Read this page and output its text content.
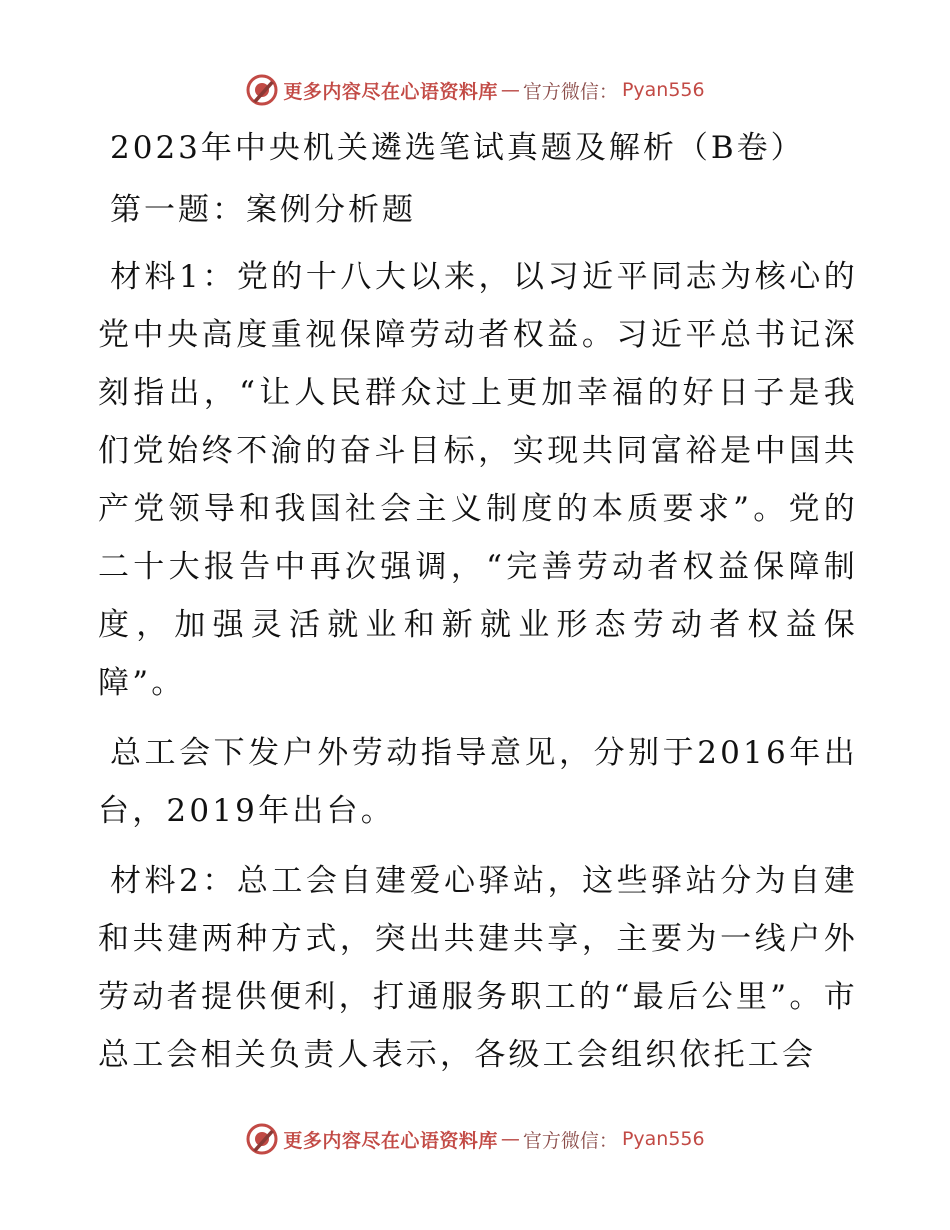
更多内容尽在心语资料库 — 官方微信： Pyan556
2023年中央机关遴选笔试真题及解析（B卷）
第一题：案例分析题

材料1：党的十八大以来，以习近平同志为核心的党中央高度重视保障劳动者权益。习近平总书记深刻指出，“让人民群众过上更加幸福的好日子是我们党始终不渝的奋斗目标，实现共同富裕是中国共产党领导和我国社会主义制度的本质要求”。党的二十大报告中再次强调，“完善劳动者权益保障制度，加强灵活就业和新就业形态劳动者权益保障”。

总工会下发户外劳动指导意见，分别于2016年出台，2019年出台。

材料2：总工会自建爱心驿站，这些驿站分为自建和共建两种方式，突出共建共享，主要为一线户外劳动者提供便利，打通服务职工的“最后公里”。市总工会相关负责人表示，各级工会组织依托工会

更多内容尽在心语资料库 — 官方微信： Pyan556
